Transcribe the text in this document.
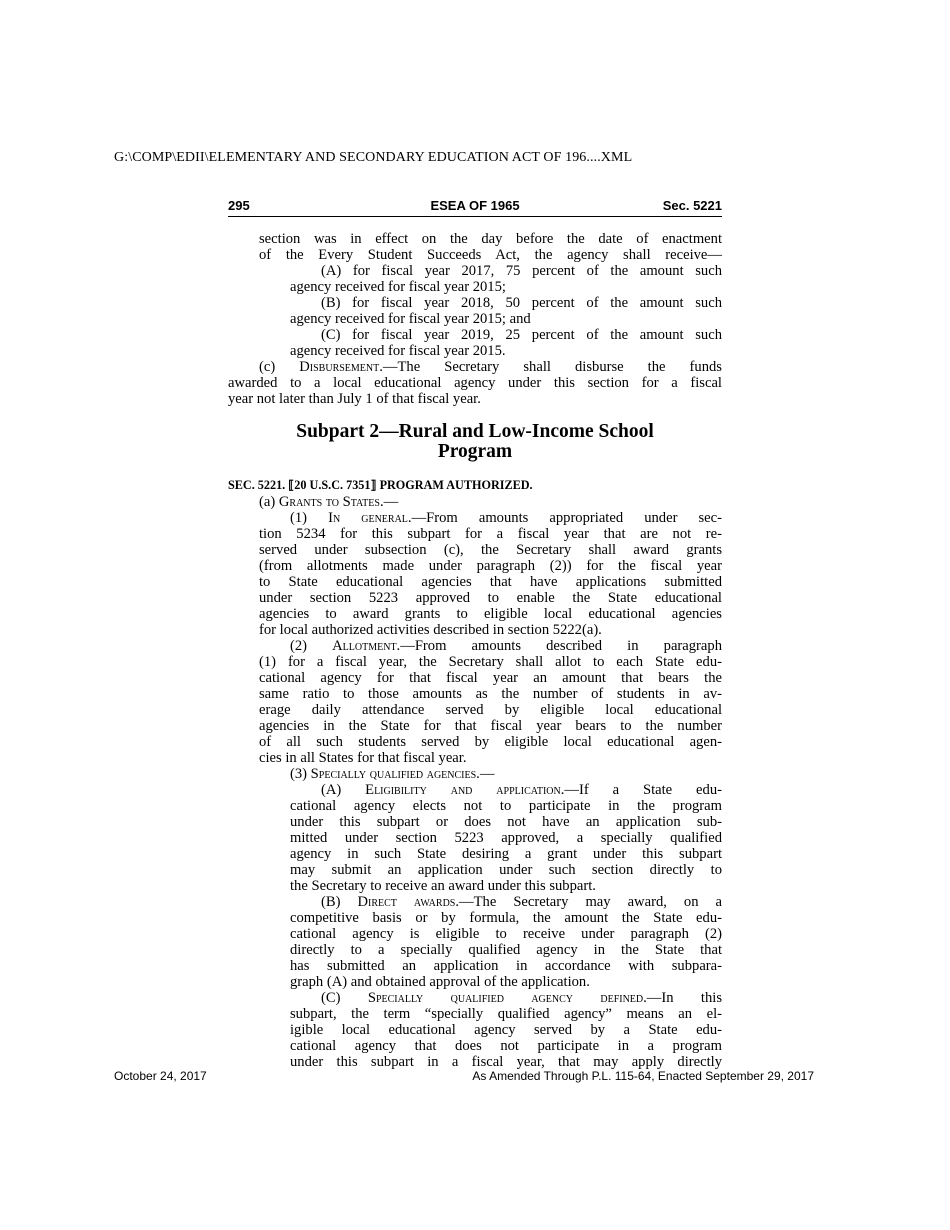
G:\COMP\EDII\ELEMENTARY AND SECONDARY EDUCATION ACT OF 196....XML
295	ESEA OF 1965	Sec. 5221
section was in effect on the day before the date of enactment
of the Every Student Succeeds Act, the agency shall receive—
(A) for fiscal year 2017, 75 percent of the amount such
agency received for fiscal year 2015;
(B) for fiscal year 2018, 50 percent of the amount such
agency received for fiscal year 2015; and
(C) for fiscal year 2019, 25 percent of the amount such
agency received for fiscal year 2015.
(c) Disbursement.—The Secretary shall disburse the funds
awarded to a local educational agency under this section for a fiscal
year not later than July 1 of that fiscal year.
Subpart 2—Rural and Low-Income School
Program
SEC. 5221. ⟦20 U.S.C. 7351⟧ PROGRAM AUTHORIZED.
(a) Grants to States.—
(1) In general.—From amounts appropriated under sec-
tion 5234 for this subpart for a fiscal year that are not re-
served under subsection (c), the Secretary shall award grants
(from allotments made under paragraph (2)) for the fiscal year
to State educational agencies that have applications submitted
under section 5223 approved to enable the State educational
agencies to award grants to eligible local educational agencies
for local authorized activities described in section 5222(a).
(2) Allotment.—From amounts described in paragraph
(1) for a fiscal year, the Secretary shall allot to each State edu-
cational agency for that fiscal year an amount that bears the
same ratio to those amounts as the number of students in av-
erage daily attendance served by eligible local educational
agencies in the State for that fiscal year bears to the number
of all such students served by eligible local educational agen-
cies in all States for that fiscal year.
(3) Specially qualified agencies.—
(A) Eligibility and application.—If a State edu-
cational agency elects not to participate in the program
under this subpart or does not have an application sub-
mitted under section 5223 approved, a specially qualified
agency in such State desiring a grant under this subpart
may submit an application under such section directly to
the Secretary to receive an award under this subpart.
(B) Direct awards.—The Secretary may award, on a
competitive basis or by formula, the amount the State edu-
cational agency is eligible to receive under paragraph (2)
directly to a specially qualified agency in the State that
has submitted an application in accordance with subpara-
graph (A) and obtained approval of the application.
(C) Specially qualified agency defined.—In this
subpart, the term “specially qualified agency” means an el-
igible local educational agency served by a State edu-
cational agency that does not participate in a program
under this subpart in a fiscal year, that may apply directly
October 24, 2017	As Amended Through P.L. 115-64, Enacted September 29, 2017
